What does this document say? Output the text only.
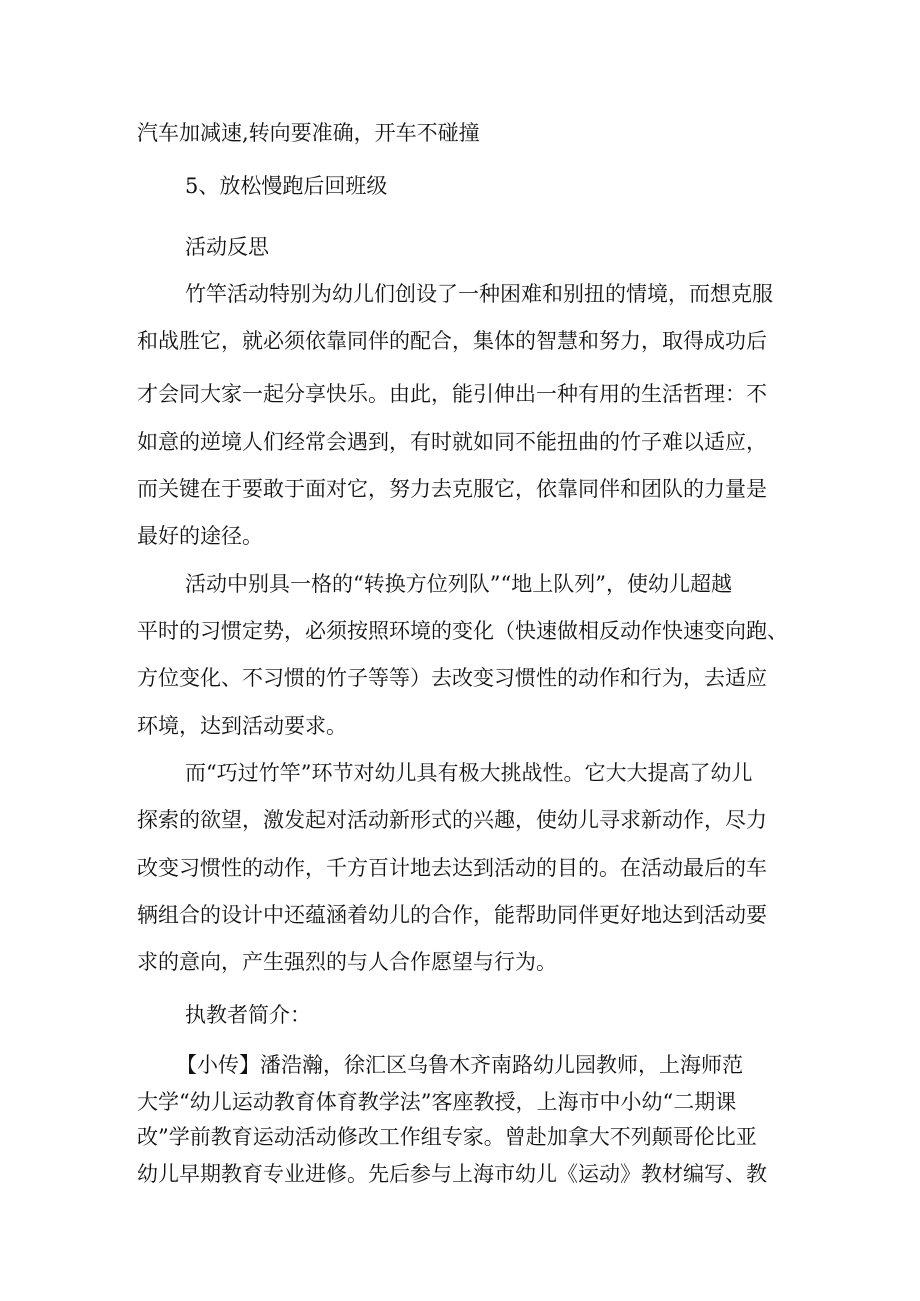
汽车加减速,转向要准确，开车不碰撞
5、放松慢跑后回班级
活动反思
竹竿活动特别为幼儿们创设了一种困难和别扭的情境，而想克服
和战胜它，就必须依靠同伴的配合，集体的智慧和努力，取得成功后
才会同大家一起分享快乐。由此，能引伸出一种有用的生活哲理：不
如意的逆境人们经常会遇到，有时就如同不能扭曲的竹子难以适应，
而关键在于要敢于面对它，努力去克服它，依靠同伴和团队的力量是
最好的途径。
活动中别具一格的“转换方位列队”“地上队列”，使幼儿超越
平时的习惯定势，必须按照环境的变化（快速做相反动作快速变向跑、
方位变化、不习惯的竹子等等）去改变习惯性的动作和行为，去适应
环境，达到活动要求。
而“巧过竹竿”环节对幼儿具有极大挑战性。它大大提高了幼儿
探索的欲望，激发起对活动新形式的兴趣，使幼儿寻求新动作，尽力
改变习惯性的动作，千方百计地去达到活动的目的。在活动最后的车
辆组合的设计中还蕴涵着幼儿的合作，能帮助同伴更好地达到活动要
求的意向，产生强烈的与人合作愿望与行为。
执教者简介：
【小传】潘浩瀚，徐汇区乌鲁木齐南路幼儿园教师，上海师范
大学“幼儿运动教育体育教学法”客座教授，上海市中小幼“二期课
改”学前教育运动活动修改工作组专家。曾赴加拿大不列颠哥伦比亚
幼儿早期教育专业进修。先后参与上海市幼儿《运动》教材编写、教
